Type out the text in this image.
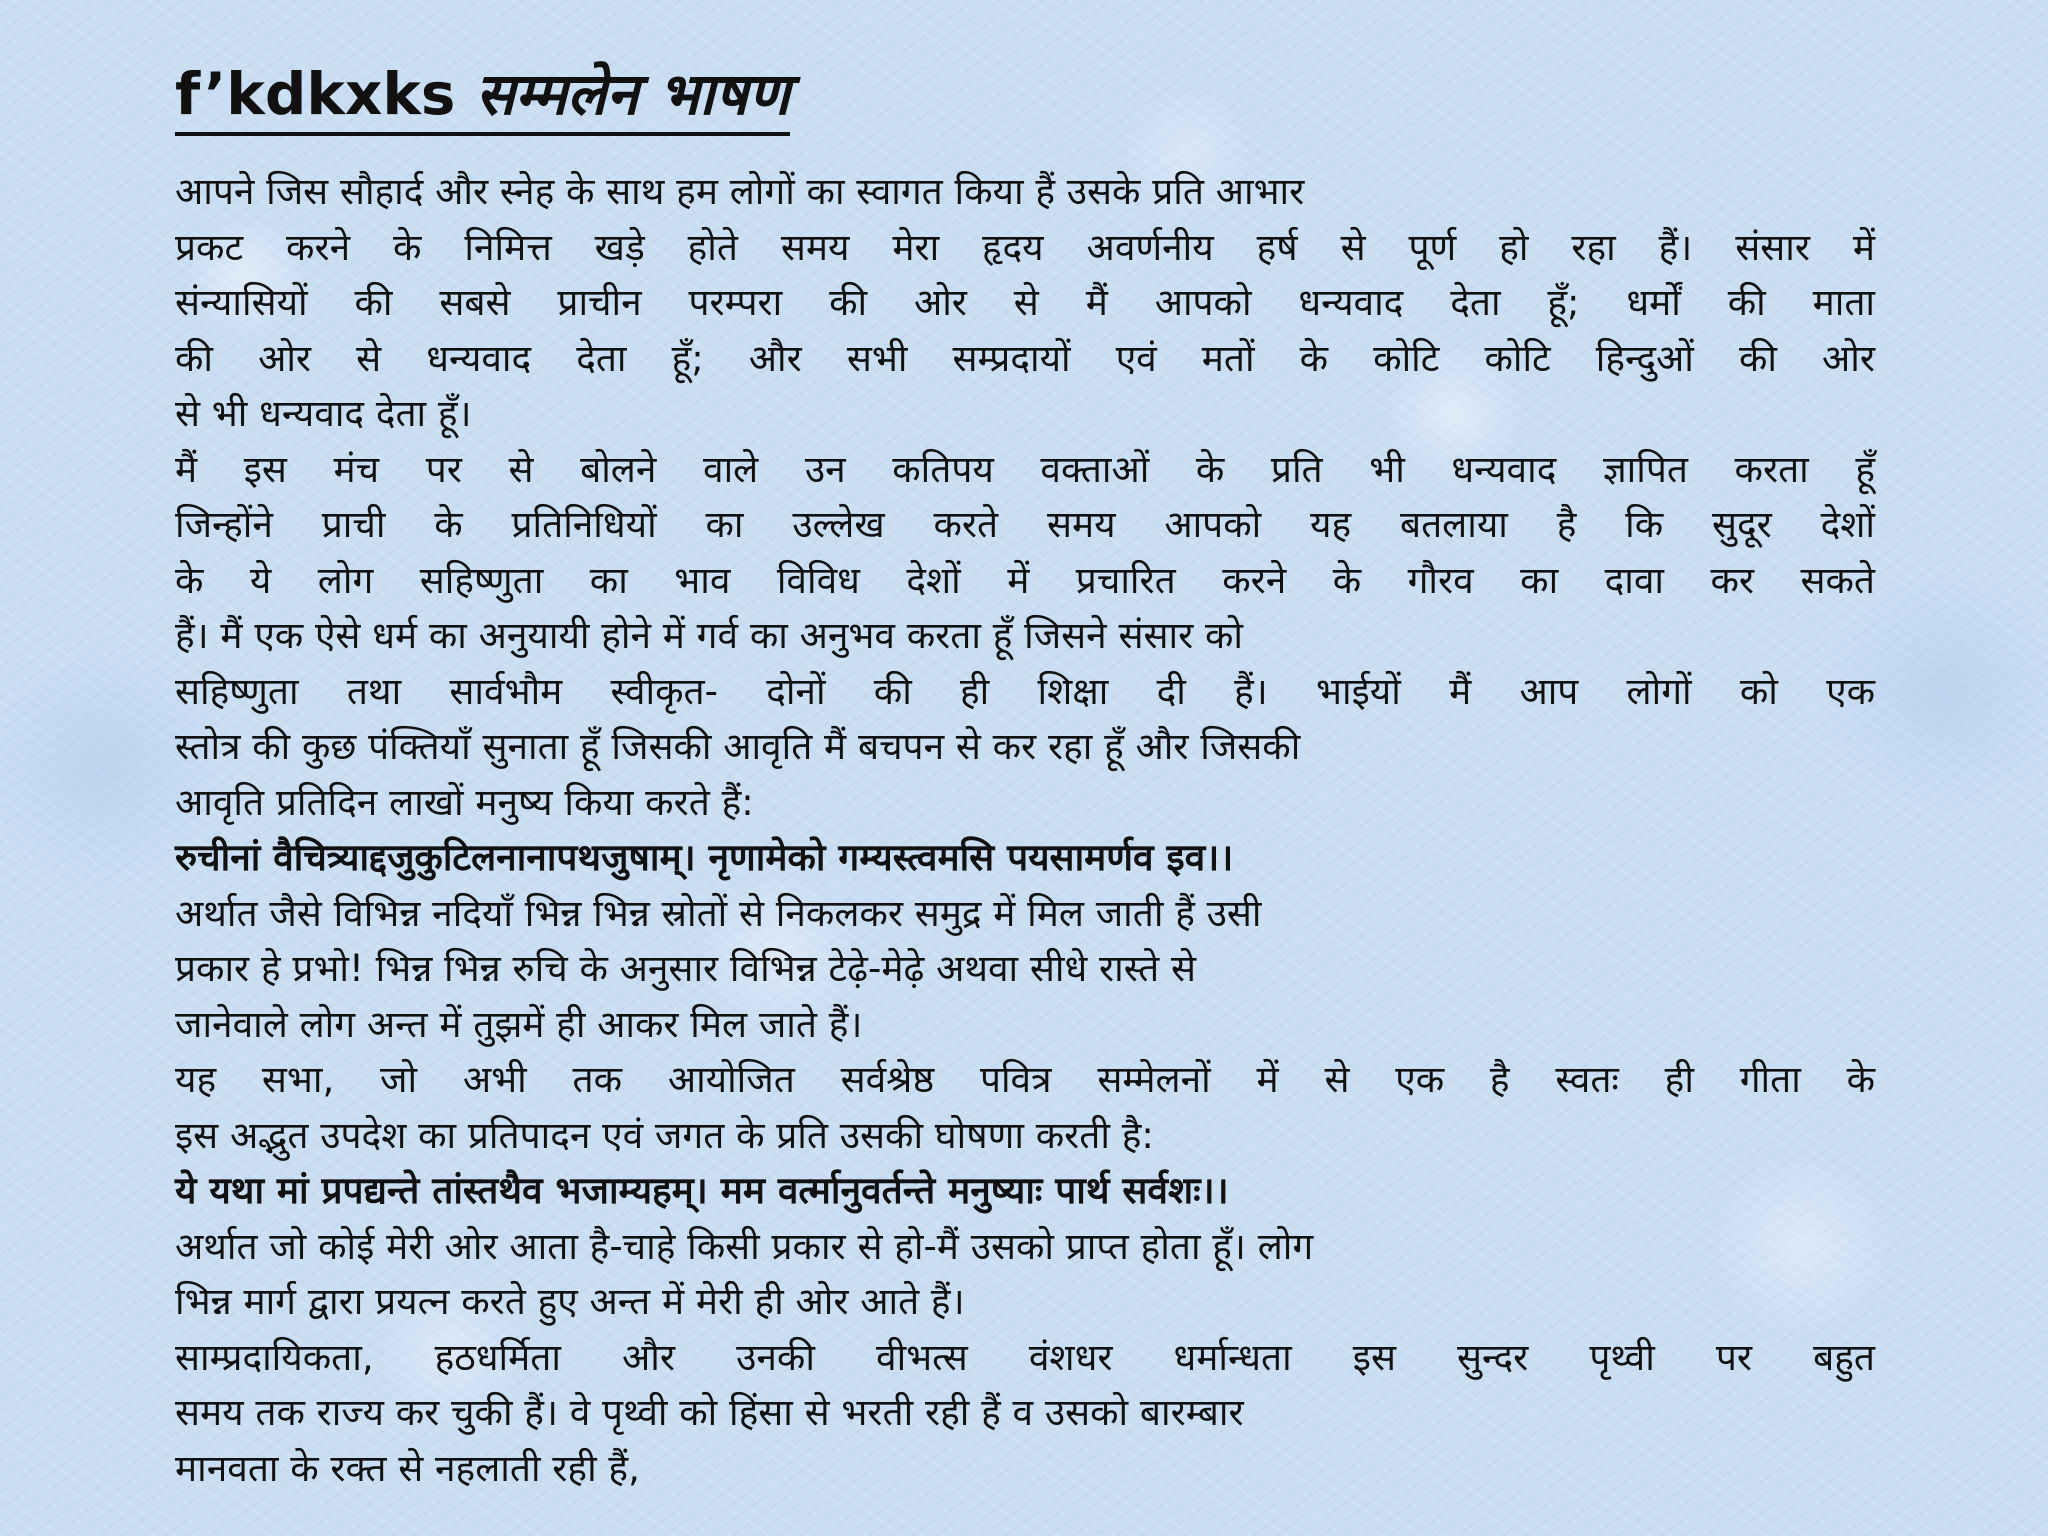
f’kdkxks सम्मलेन भाषण
आपने जिस सौहार्द और स्नेह के साथ हम लोगों का स्वागत किया हैं उसके प्रति आभार
प्रकट करने के निमित्त खड़े होते समय मेरा हृदय अवर्णनीय हर्ष से पूर्ण हो रहा हैं। संसार में
संन्यासियों की सबसे प्राचीन परम्परा की ओर से मैं आपको धन्यवाद देता हूँ; धर्मों की माता
की ओर से धन्यवाद देता हूँ; और सभी सम्प्रदायों एवं मतों के कोटि कोटि हिन्दुओं की ओर
से भी धन्यवाद देता हूँ।
मैं इस मंच पर से बोलने वाले उन कतिपय वक्ताओं के प्रति भी धन्यवाद ज्ञापित करता हूँ
जिन्होंने प्राची के प्रतिनिधियों का उल्लेख करते समय आपको यह बतलाया है कि सुदूर देशों
के ये लोग सहिष्णुता का भाव विविध देशों में प्रचारित करने के गौरव का दावा कर सकते
हैं। मैं एक ऐसे धर्म का अनुयायी होने में गर्व का अनुभव करता हूँ जिसने संसार को
सहिष्णुता तथा सार्वभौम स्वीकृत- दोनों की ही शिक्षा दी हैं। भाईयों मैं आप लोगों को एक
स्तोत्र की कुछ पंक्तियाँ सुनाता हूँ जिसकी आवृति मैं बचपन से कर रहा हूँ और जिसकी
आवृति प्रतिदिन लाखों मनुष्य किया करते हैं:
रुचीनां वैचित्र्याद्दजुकुटिलनानापथजुषाम्। नृणामेको गम्यस्त्वमसि पयसामर्णव इव।।
अर्थात जैसे विभिन्न नदियाँ भिन्न भिन्न स्रोतों से निकलकर समुद्र में मिल जाती हैं उसी
प्रकार हे प्रभो! भिन्न भिन्न रुचि के अनुसार विभिन्न टेढ़े-मेढ़े अथवा सीधे रास्ते से
जानेवाले लोग अन्त में तुझमें ही आकर मिल जाते हैं।
यह सभा, जो अभी तक आयोजित सर्वश्रेष्ठ पवित्र सम्मेलनों में से एक है स्वतः ही गीता के
इस अद्भुत उपदेश का प्रतिपादन एवं जगत के प्रति उसकी घोषणा करती है:
ये यथा मां प्रपद्यन्ते तांस्तथैव भजाम्यहम्। मम वर्त्मानुवर्तन्ते मनुष्याः पार्थ सर्वशः।।
अर्थात जो कोई मेरी ओर आता है-चाहे किसी प्रकार से हो-मैं उसको प्राप्त होता हूँ। लोग
भिन्न मार्ग द्वारा प्रयत्न करते हुए अन्त में मेरी ही ओर आते हैं।
साम्प्रदायिकता, हठधर्मिता और उनकी वीभत्स वंशधर धर्मान्धता इस सुन्दर पृथ्वी पर बहुत
समय तक राज्य कर चुकी हैं। वे पृथ्वी को हिंसा से भरती रही हैं व उसको बारम्बार
मानवता के रक्त से नहलाती रही हैं,
